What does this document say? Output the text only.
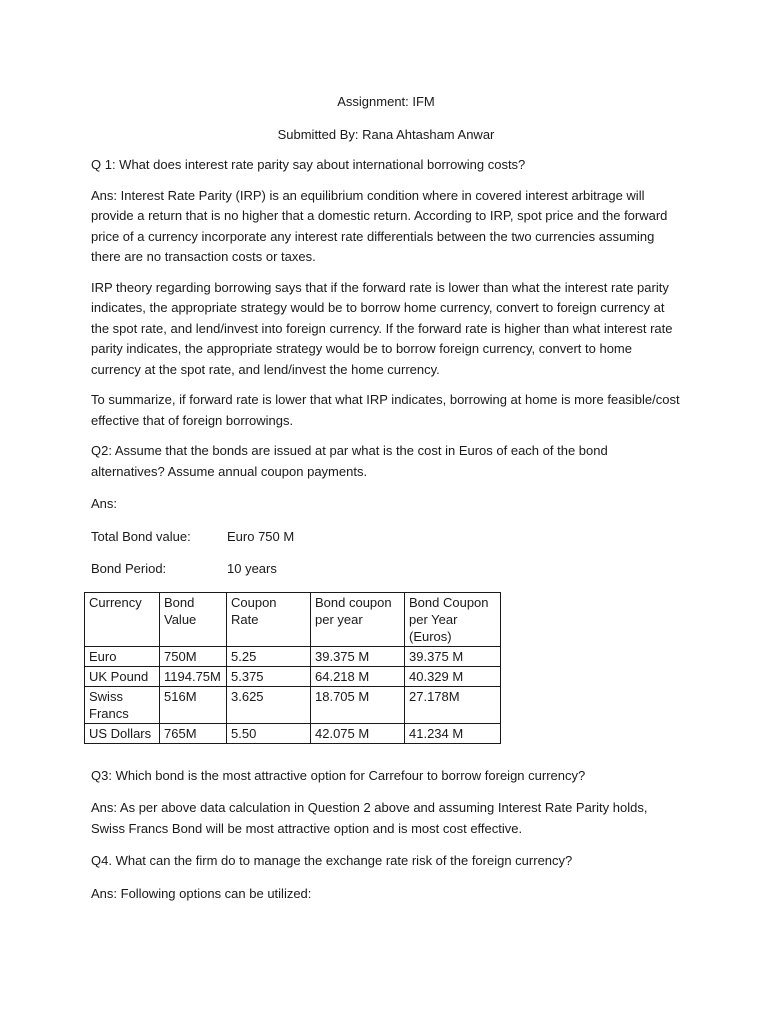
Assignment: IFM

Submitted By: Rana Ahtasham Anwar

Q 1: What does interest rate parity say about international borrowing costs?

Ans: Interest Rate Parity (IRP) is an equilibrium condition where in covered interest arbitrage will provide a return that is no higher that a domestic return. According to IRP, spot price and the forward price of a currency incorporate any interest rate differentials between the two currencies assuming there are no transaction costs or taxes.

IRP theory regarding borrowing says that if the forward rate is lower than what the interest rate parity indicates, the appropriate strategy would be to borrow home currency, convert to foreign currency at the spot rate, and lend/invest into foreign currency. If the forward rate is higher than what interest rate parity indicates, the appropriate strategy would be to borrow foreign currency, convert to home currency at the spot rate, and lend/invest the home currency.

To summarize, if forward rate is lower that what IRP indicates, borrowing at home is more feasible/cost effective that of foreign borrowings.

Q2: Assume that the bonds are issued at par what is the cost in Euros of each of the bond alternatives? Assume annual coupon payments.

Ans:

Total Bond value:	Euro 750 M
Bond Period:	10 years
Currency	Bond Value	Coupon Rate	Bond coupon per year	Bond Coupon per Year (Euros)
Euro	750M	5.25	39.375 M	39.375 M
UK Pound	1194.75M	5.375	64.218 M	40.329 M
Swiss Francs	516M	3.625	18.705 M	27.178M
US Dollars	765M	5.50	42.075 M	41.234 M

Q3: Which bond is the most attractive option for Carrefour to borrow foreign currency?

Ans: As per above data calculation in Question 2 above and assuming Interest Rate Parity holds, Swiss Francs Bond will be most attractive option and is most cost effective.

Q4. What can the firm do to manage the exchange rate risk of the foreign currency?

Ans: Following options can be utilized:
